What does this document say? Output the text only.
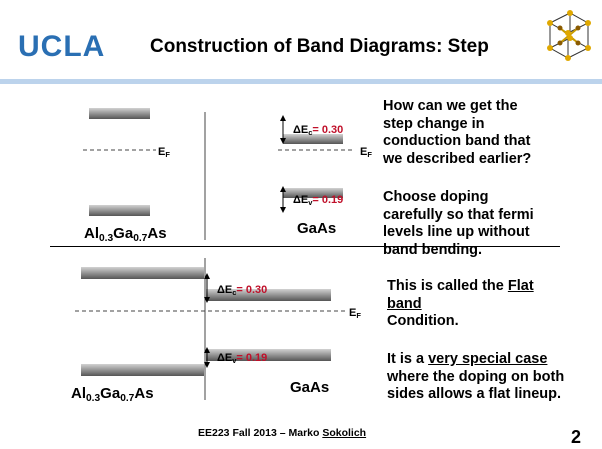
UCLA Construction of Band Diagrams: Step
$E_F$	$E_F$
$\Delta E_c= 0.30$
$\Delta E_v= 0.19$
$Al_{0.3}Ga_{0.7}As$	GaAs
$E_F$
$\Delta E_c= 0.30$
$\Delta E_v= 0.19$
$Al_{0.3}Ga_{0.7}As$	GaAs
How can we get the
step change in
conduction band that
we described earlier?
Choose doping
carefully so that fermi
levels line up without
band bending.
This is called the Flat
band
Condition.
It is a very special case
where the doping on both
sides allows a flat lineup.
EE223 Fall 2013 – Marko Sokolich	2
